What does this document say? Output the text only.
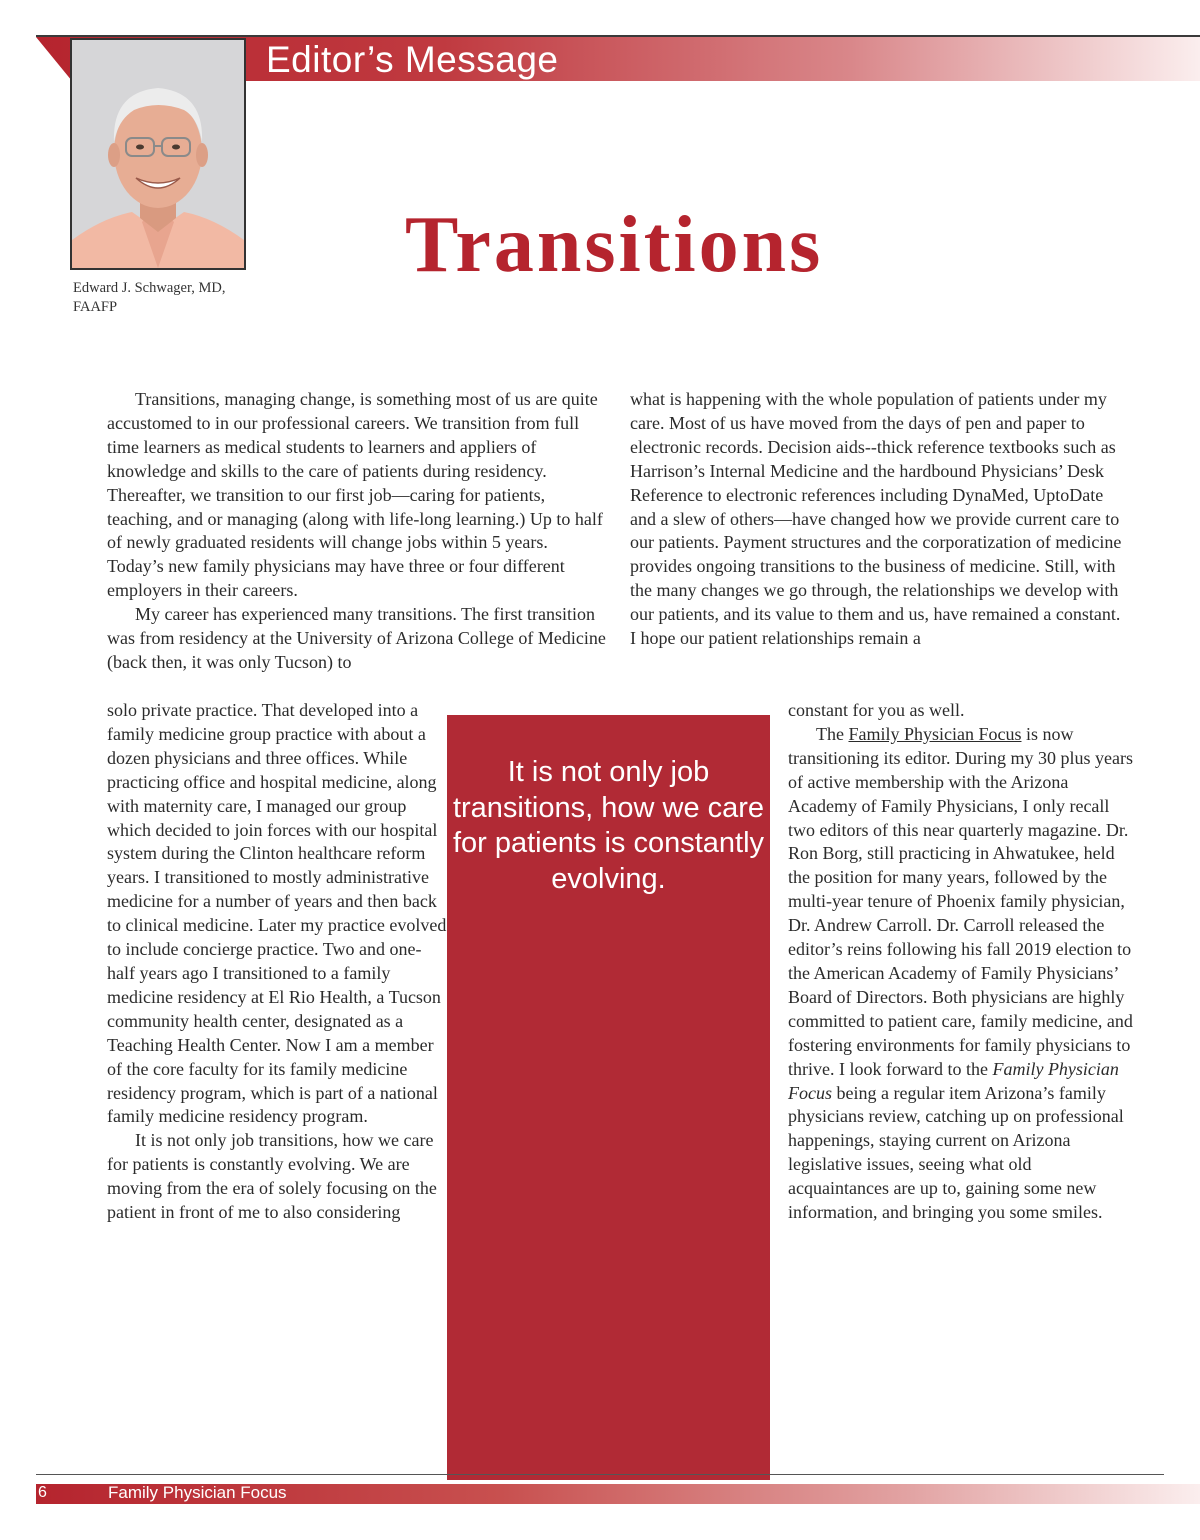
Editor’s Message
Edward J. Schwager, MD,
FAAFP
Transitions

Transitions, managing change, is something most of us are quite accustomed to in our professional careers. We transition from full time learners as medical students to learners and appliers of knowledge and skills to the care of patients during residency. Thereafter, we transition to our first job—caring for patients, teaching, and or managing (along with life-long learning.) Up to half of newly graduated residents will change jobs within 5 years. Today’s new family physicians may have three or four different employers in their careers.

My career has experienced many transitions. The first transition was from residency at the University of Arizona College of Medicine (back then, it was only Tucson) to

solo private practice. That developed into a family medicine group practice with about a dozen physicians and three offices. While practicing office and hospital medicine, along with maternity care, I managed our group which decided to join forces with our hospital system during the Clinton healthcare reform years. I transitioned to mostly administrative medicine for a number of years and then back to clinical medicine. Later my practice evolved to include concierge practice. Two and one-half years ago I transitioned to a family medicine residency at El Rio Health, a Tucson community health center, designated as a Teaching Health Center. Now I am a member of the core faculty for its family medicine residency program, which is part of a national family medicine residency program.

It is not only job transitions, how we care for patients is constantly evolving. We are moving from the era of solely focusing on the patient in front of me to also considering

what is happening with the whole population of patients under my care. Most of us have moved from the days of pen and paper to electronic records. Decision aids--thick reference textbooks such as Harrison’s Internal Medicine and the hardbound Physicians’ Desk Reference to electronic references including DynaMed, UptoDate and a slew of others—have changed how we provide current care to our patients. Payment structures and the corporatization of medicine provides ongoing transitions to the business of medicine. Still, with the many changes we go through, the relationships we develop with our patients, and its value to them and us, have remained a constant. I hope our patient relationships remain a

constant for you as well.

The Family Physician Focus is now transitioning its editor. During my 30 plus years of active membership with the Arizona Academy of Family Physicians, I only recall two editors of this near quarterly magazine. Dr. Ron Borg, still practicing in Ahwatukee, held the position for many years, followed by the multi-year tenure of Phoenix family physician, Dr. Andrew Carroll. Dr. Carroll released the editor’s reins following his fall 2019 election to the American Academy of Family Physicians’ Board of Directors. Both physicians are highly committed to patient care, family medicine, and fostering environments for family physicians to thrive. I look forward to the Family Physician Focus being a regular item Arizona’s family physicians review, catching up on professional happenings, staying current on Arizona legislative issues, seeing what old acquaintances are up to, gaining some new information, and bringing you some smiles.

It is not only job transitions, how we care for patients is constantly evolving.
6	Family Physician Focus
